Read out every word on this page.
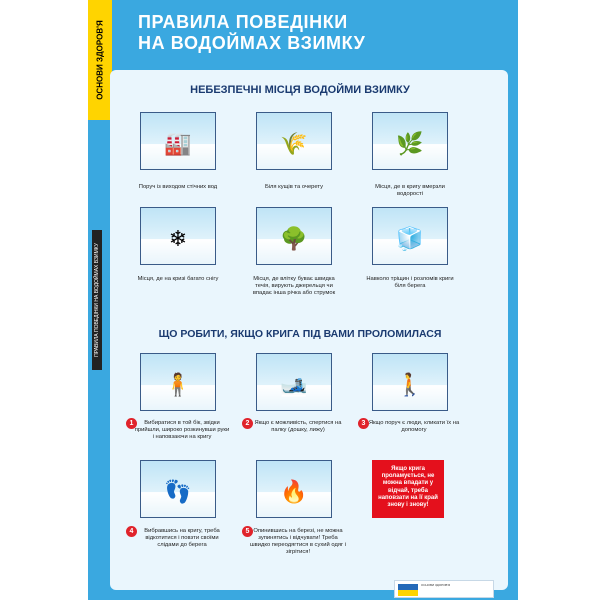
ОСНОВИ ЗДОРОВ'Я
ПРАВИЛА ПОВЕДІНКИ НА ВОДОЙМАХ ВЗИМКУ
ПРАВИЛА ПОВЕДІНКИ
НА ВОДОЙМАХ ВЗИМКУ
НЕБЕЗПЕЧНІ МІСЦЯ ВОДОЙМИ ВЗИМКУ
🏭	🌾	🌿
Поруч із виходом стічних вод	Біля кущів та очерету	Місця, де в кригу вмерзли водорості
❄	🌳	🧊
Місця, де на кризі багато снігу	Місця, де влітку буває швидка течія, вирують джерельця чи впадає інша річка або струмок
Навколо тріщин і розломів криги біля берега
ЩО РОБИТИ, ЯКЩО КРИГА ПІД ВАМИ ПРОЛОМИЛАСЯ
🧍	🎿	🚶
1	2	3
Вибиратися в той бік, звідки прийшли, широко розкинувши руки і наповзаючи на кригу
Якщо є можливість, спертися на палку (дошку, лижу)
Якщо поруч є люди, кликати їх на допомогу
👣	🔥
Якщо крига проламується, не можна впадати у відчай, треба наповзати на її край знову і знову!
4	5
Вибравшись на кригу, треба відкотитися і повзти своїми слідами до берега
Опинившись на березі, не можна зупинятись і відчувати! Треба швидко переодягтися в сухий одяг і зігрітися!
ОСНОВИ ЗДОРОВ'Я
